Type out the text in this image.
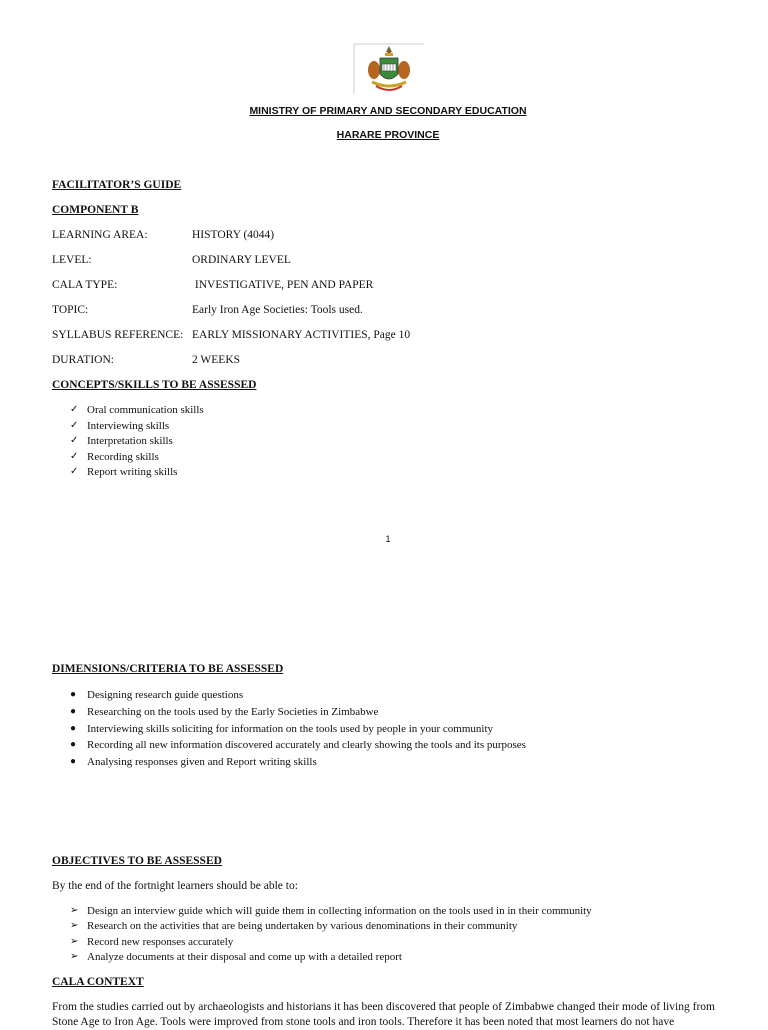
MINISTRY OF PRIMARY AND SECONDARY EDUCATION
HARARE PROVINCE
FACILITATOR’S GUIDE
COMPONENT B
LEARNING AREA:	HISTORY (4044)
LEVEL:	ORDINARY LEVEL
CALA TYPE:	INVESTIGATIVE, PEN AND PAPER
TOPIC:	Early Iron Age Societies: Tools used.
SYLLABUS REFERENCE: EARLY MISSIONARY ACTIVITIES, Page 10
DURATION:	2 WEEKS
CONCEPTS/SKILLS TO BE ASSESSED
✓ Oral communication skills
✓ Interviewing skills
✓ Interpretation skills
✓ Recording skills
✓ Report writing skills
1
DIMENSIONS/CRITERIA TO BE ASSESSED
● Designing research guide questions
● Researching on the tools used by the Early Societies in Zimbabwe
● Interviewing skills soliciting for information on the tools used by people in your community
● Recording all new information discovered accurately and clearly showing the tools and its purposes
● Analysing responses given and Report writing skills
OBJECTIVES TO BE ASSESSED
By the end of the fortnight learners should be able to:
➢ Design an interview guide which will guide them in collecting information on the tools used in in their community
➢ Research on the activities that are being undertaken by various denominations in their community
➢ Record new responses accurately
➢ Analyze documents at their disposal and come up with a detailed report
CALA CONTEXT
From the studies carried out by archaeologists and historians it has been discovered that people of Zimbabwe changed their mode of living from Stone Age to Iron Age. Tools were improved from stone tools and iron tools. Therefore it has been noted that most learners do not have
